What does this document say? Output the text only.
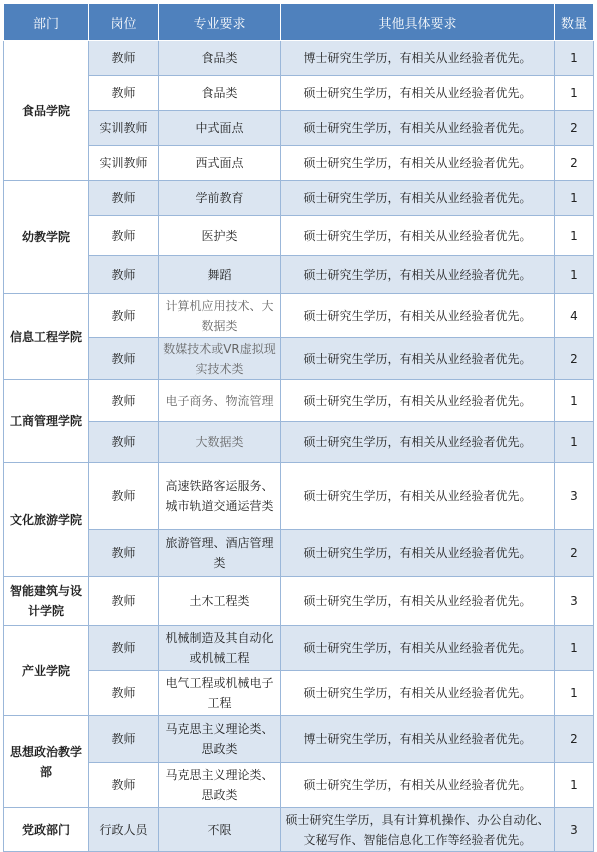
部门	岗位	专业要求	其他具体要求	数量
食品学院	教师	食品类	博士研究生学历，有相关从业经验者优先。	1
	教师	食品类	硕士研究生学历，有相关从业经验者优先。	1
	实训教师	中式面点	硕士研究生学历，有相关从业经验者优先。	2
	实训教师	西式面点	硕士研究生学历，有相关从业经验者优先。	2
幼教学院	教师	学前教育	硕士研究生学历，有相关从业经验者优先。	1
	教师	医护类	硕士研究生学历，有相关从业经验者优先。	1
	教师	舞蹈	硕士研究生学历，有相关从业经验者优先。	1
信息工程学院	教师	计算机应用技术、大数据类	硕士研究生学历，有相关从业经验者优先。	4
	教师	数媒技术或VR虚拟现实技术类	硕士研究生学历，有相关从业经验者优先。	2
工商管理学院	教师	电子商务、物流管理	硕士研究生学历，有相关从业经验者优先。	1
	教师	大数据类	硕士研究生学历，有相关从业经验者优先。	1
文化旅游学院	教师	高速铁路客运服务、城市轨道交通运营类	硕士研究生学历，有相关从业经验者优先。	3
	教师	旅游管理、酒店管理类	硕士研究生学历，有相关从业经验者优先。	2
智能建筑与设计学院	教师	土木工程类	硕士研究生学历，有相关从业经验者优先。	3
产业学院	教师	机械制造及其自动化或机械工程	硕士研究生学历，有相关从业经验者优先。	1
	教师	电气工程或机械电子工程	硕士研究生学历，有相关从业经验者优先。	1
思想政治教学部	教师	马克思主义理论类、思政类	博士研究生学历，有相关从业经验者优先。	2
	教师	马克思主义理论类、思政类	硕士研究生学历，有相关从业经验者优先。	1
党政部门	行政人员	不限	硕士研究生学历，具有计算机操作、办公自动化、文秘写作、智能信息化工作等经验者优先。	3
